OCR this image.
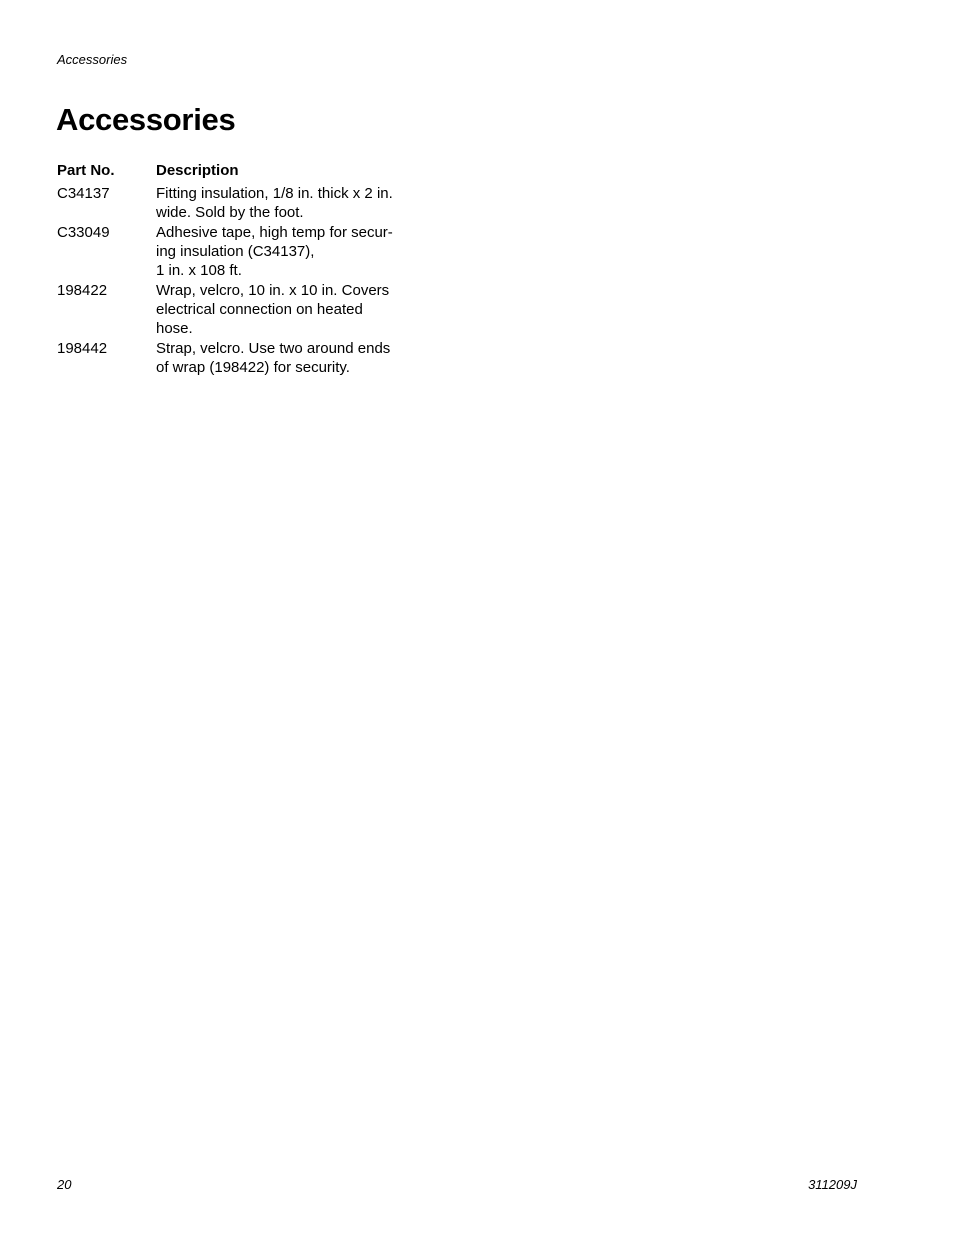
Accessories
Accessories
Part No.	Description
C34137	Fitting insulation, 1/8 in. thick x 2 in.
wide. Sold by the foot.
C33049	Adhesive tape, high temp for secur-
ing insulation (C34137),
1 in. x 108 ft.
198422	Wrap, velcro, 10 in. x 10 in. Covers
electrical connection on heated
hose.
198442	Strap, velcro. Use two around ends
of wrap (198422) for security.
20	311209J
